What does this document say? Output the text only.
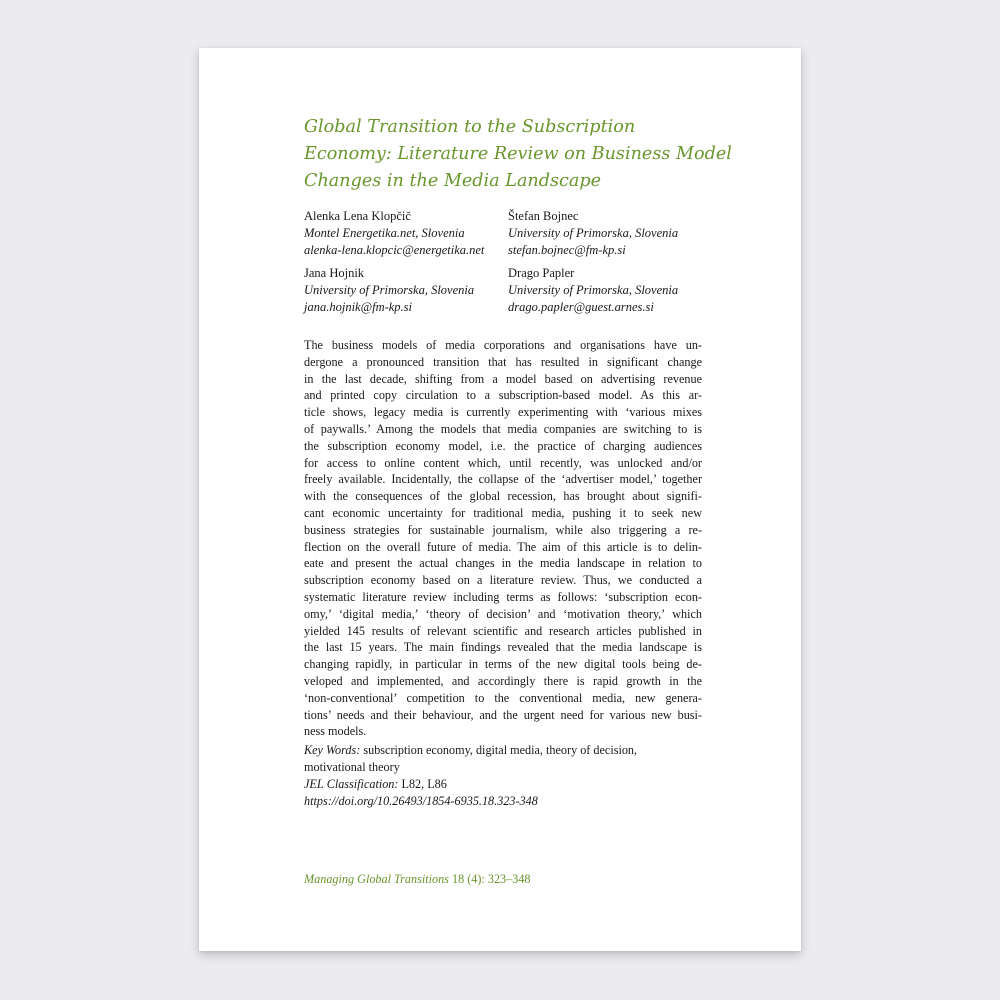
Global Transition to the Subscription
Economy: Literature Review on Business Model
Changes in the Media Landscape
Alenka Lena Klopčič
Montel Energetika.net, Slovenia
alenka-lena.klopcic@energetika.net
Štefan Bojnec
University of Primorska, Slovenia
stefan.bojnec@fm-kp.si
Jana Hojnik
University of Primorska, Slovenia
jana.hojnik@fm-kp.si
Drago Papler
University of Primorska, Slovenia
drago.papler@guest.arnes.si
The business models of media corporations and organisations have un-
dergone a pronounced transition that has resulted in significant change
in the last decade, shifting from a model based on advertising revenue
and printed copy circulation to a subscription-based model. As this ar-
ticle shows, legacy media is currently experimenting with ‘various mixes
of paywalls.’ Among the models that media companies are switching to is
the subscription economy model, i.e. the practice of charging audiences
for access to online content which, until recently, was unlocked and/or
freely available. Incidentally, the collapse of the ‘advertiser model,’ together
with the consequences of the global recession, has brought about signifi-
cant economic uncertainty for traditional media, pushing it to seek new
business strategies for sustainable journalism, while also triggering a re-
flection on the overall future of media. The aim of this article is to delin-
eate and present the actual changes in the media landscape in relation to
subscription economy based on a literature review. Thus, we conducted a
systematic literature review including terms as follows: ‘subscription econ-
omy,’ ‘digital media,’ ‘theory of decision’ and ‘motivation theory,’ which
yielded 145 results of relevant scientific and research articles published in
the last 15 years. The main findings revealed that the media landscape is
changing rapidly, in particular in terms of the new digital tools being de-
veloped and implemented, and accordingly there is rapid growth in the
‘non-conventional’ competition to the conventional media, new genera-
tions’ needs and their behaviour, and the urgent need for various new busi-
ness models.
Key Words: subscription economy, digital media, theory of decision,
motivational theory
JEL Classification: L82, L86
https://doi.org/10.26493/1854-6935.18.323-348
Managing Global Transitions 18 (4): 323–348
